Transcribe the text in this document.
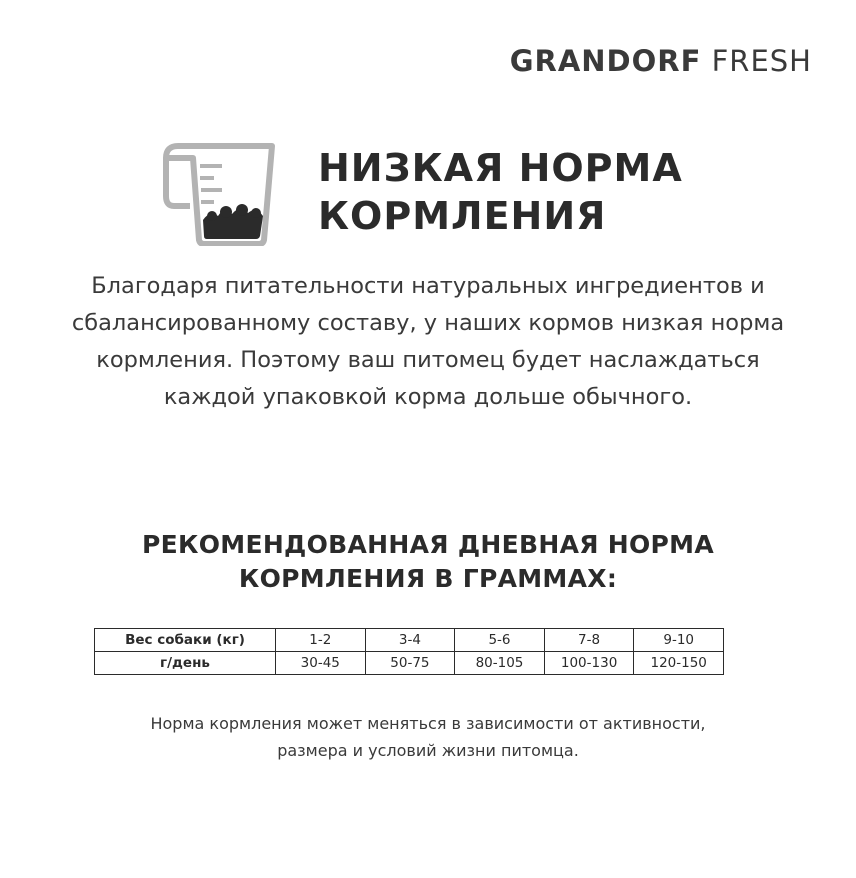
GRANDORF FRESH
НИЗКАЯ НОРМА
КОРМЛЕНИЯ
Благодаря питательности натуральных ингредиентов и
сбалансированному составу, у наших кормов низкая норма
кормления. Поэтому ваш питомец будет наслаждаться
каждой упаковкой корма дольше обычного.
РЕКОМЕНДОВАННАЯ ДНЕВНАЯ НОРМА
КОРМЛЕНИЯ В ГРАММАХ:
Вес собаки (кг)	1-2	3-4	5-6	7-8	9-10
г/день	30-45	50-75	80-105	100-130	120-150
Норма кормления может меняться в зависимости от активности,
размера и условий жизни питомца.
